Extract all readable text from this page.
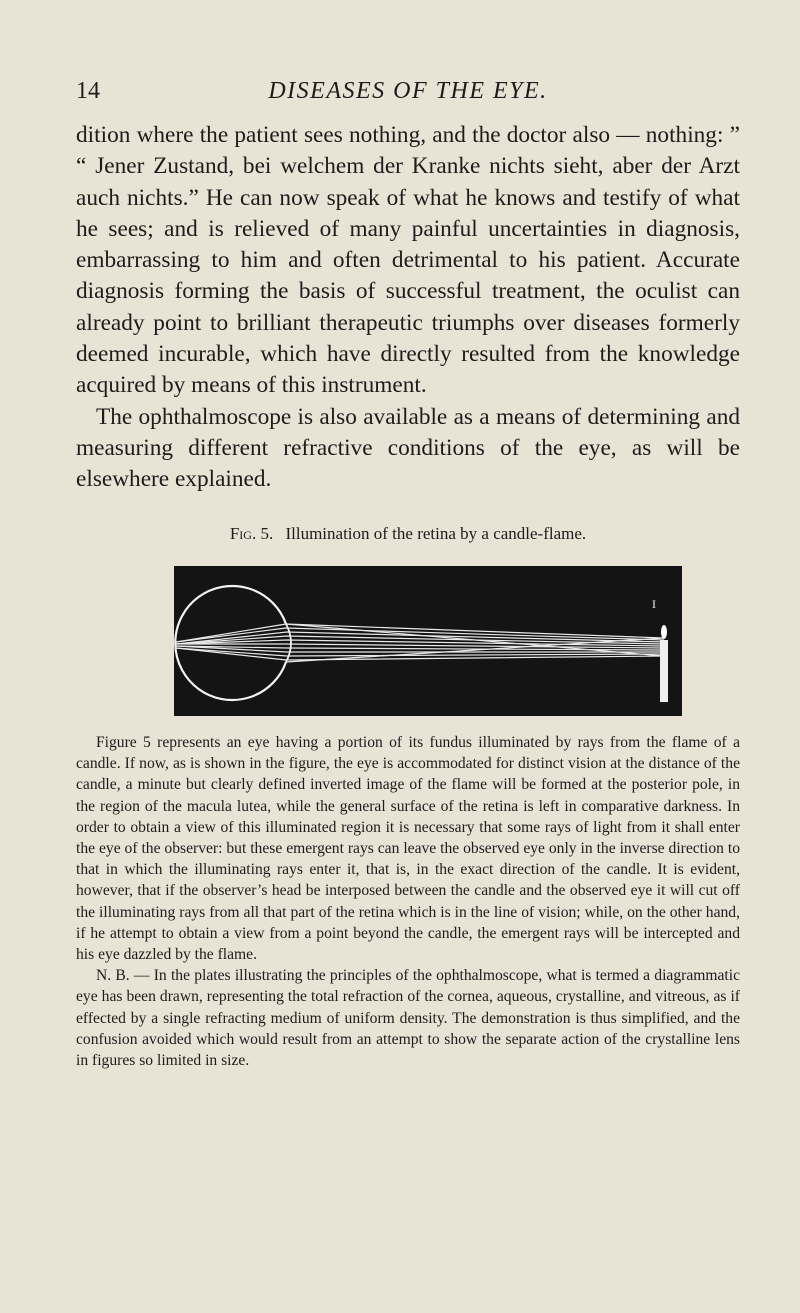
14	DISEASES OF THE EYE.

dition where the patient sees nothing, and the doctor also — nothing: ” “ Jener Zustand, bei welchem der Kranke nichts sieht, aber der Arzt auch nichts.” He can now speak of what he knows and testify of what he sees; and is relieved of many painful uncertainties in diagnosis, embarrassing to him and often detrimental to his patient. Accurate diagnosis forming the basis of successful treatment, the oculist can already point to brilliant therapeutic triumphs over diseases formerly deemed incurable, which have directly resulted from the knowledge acquired by means of this instrument.

The ophthalmoscope is also available as a means of determining and measuring different refractive conditions of the eye, as will be elsewhere explained.

Fig. 5. Illumination of the retina by a candle-flame.
I

Figure 5 represents an eye having a portion of its fundus illuminated by rays from the flame of a candle. If now, as is shown in the figure, the eye is accommodated for distinct vision at the distance of the candle, a minute but clearly defined inverted image of the flame will be formed at the posterior pole, in the region of the macula lutea, while the general surface of the retina is left in comparative darkness. In order to obtain a view of this illuminated region it is necessary that some rays of light from it shall enter the eye of the observer: but these emergent rays can leave the observed eye only in the inverse direction to that in which the illuminating rays enter it, that is, in the exact direction of the candle. It is evident, however, that if the observer’s head be interposed between the candle and the observed eye it will cut off the illuminating rays from all that part of the retina which is in the line of vision; while, on the other hand, if he attempt to obtain a view from a point beyond the candle, the emergent rays will be intercepted and his eye dazzled by the flame.

N. B. — In the plates illustrating the principles of the ophthalmoscope, what is termed a diagrammatic eye has been drawn, representing the total refraction of the cornea, aqueous, crystalline, and vitreous, as if effected by a single refracting medium of uniform density. The demonstration is thus simplified, and the confusion avoided which would result from an attempt to show the separate action of the crystalline lens in figures so limited in size.
